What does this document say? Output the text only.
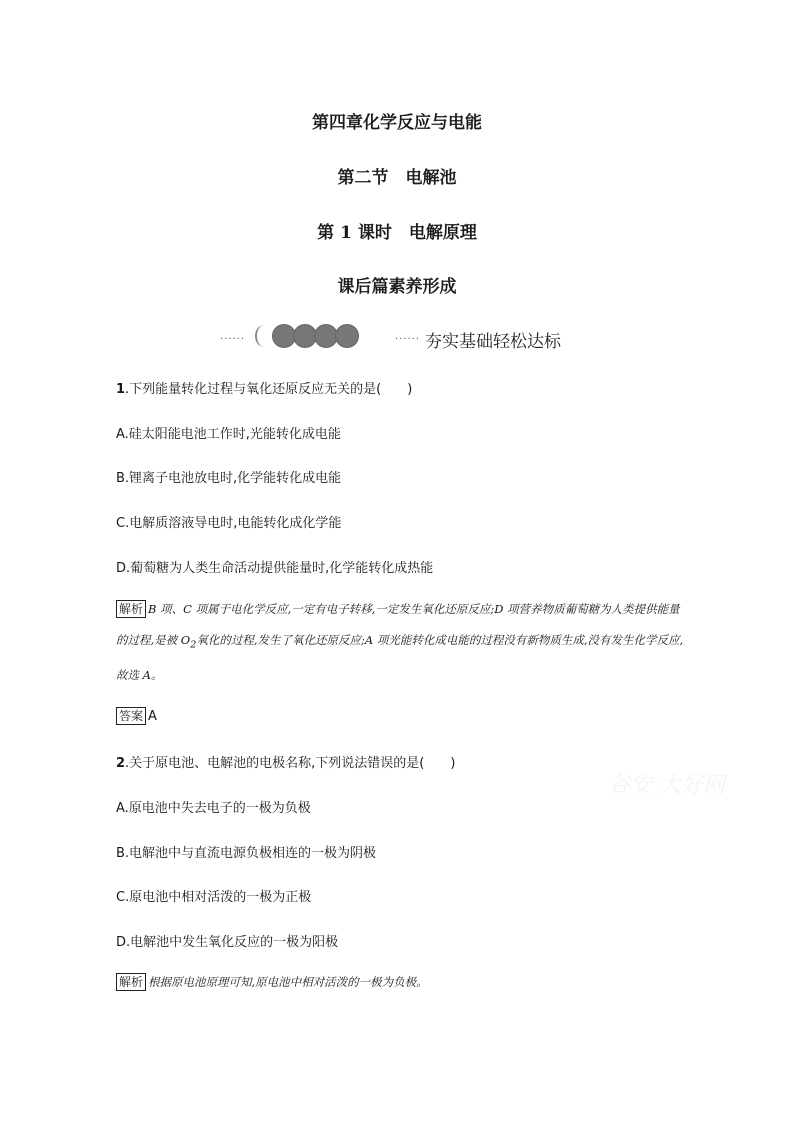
第四章化学反应与电能
第二节　电解池
第 1 课时　电解原理
课后篇素养形成
······	······ 夯实基础轻松达标
1.下列能量转化过程与氧化还原反应无关的是(　　)
A.硅太阳能电池工作时,光能转化成电能
B.锂离子电池放电时,化学能转化成电能
C.电解质溶液导电时,电能转化成化学能
D.葡萄糖为人类生命活动提供能量时,化学能转化成热能
解析 B 项、C 项属于电化学反应,一定有电子转移,一定发生氧化还原反应;D 项营养物质葡萄糖为人类提供能量的过程,是被 $O_2$氧化的过程,发生了氧化还原反应;A 项光能转化成电能的过程没有新物质生成,没有发生化学反应,故选 A。
答案 A
2.关于原电池、电解池的电极名称,下列说法错误的是(　　)
A.原电池中失去电子的一极为负极
B.电解池中与直流电源负极相连的一极为阴极
C.原电池中相对活泼的一极为正极
D.电解池中发生氧化反应的一极为阳极
解析 根据原电池原理可知,原电池中相对活泼的一极为负极。
谷安 大好网
